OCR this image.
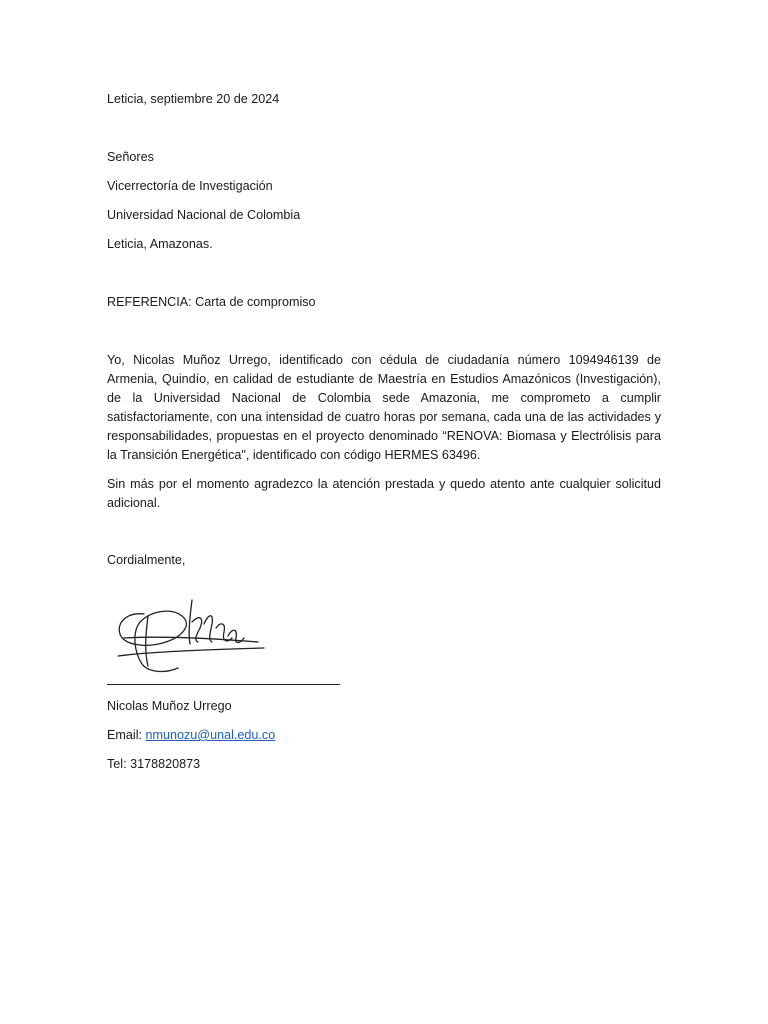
Leticia, septiembre 20 de 2024
Señores
Vicerrectoría de Investigación
Universidad Nacional de Colombia
Leticia, Amazonas.
REFERENCIA: Carta de compromiso
Yo, Nicolas Muñoz Urrego, identificado con cédula de ciudadanía número 1094946139 de Armenia, Quindío, en calidad de estudiante de Maestría en Estudios Amazónicos (Investigación), de la Universidad Nacional de Colombia sede Amazonia, me comprometo a cumplir satisfactoriamente, con una intensidad de cuatro horas por semana, cada una de las actividades y responsabilidades, propuestas en el proyecto denominado “RENOVA: Biomasa y Electrólisis para la Transición Energética", identificado con código HERMES 63496.
Sin más por el momento agradezco la atención prestada y quedo atento ante cualquier solicitud adicional.
Cordialmente,
Nicolas Muñoz Urrego
Email: nmunozu@unal.edu.co
Tel: 3178820873
